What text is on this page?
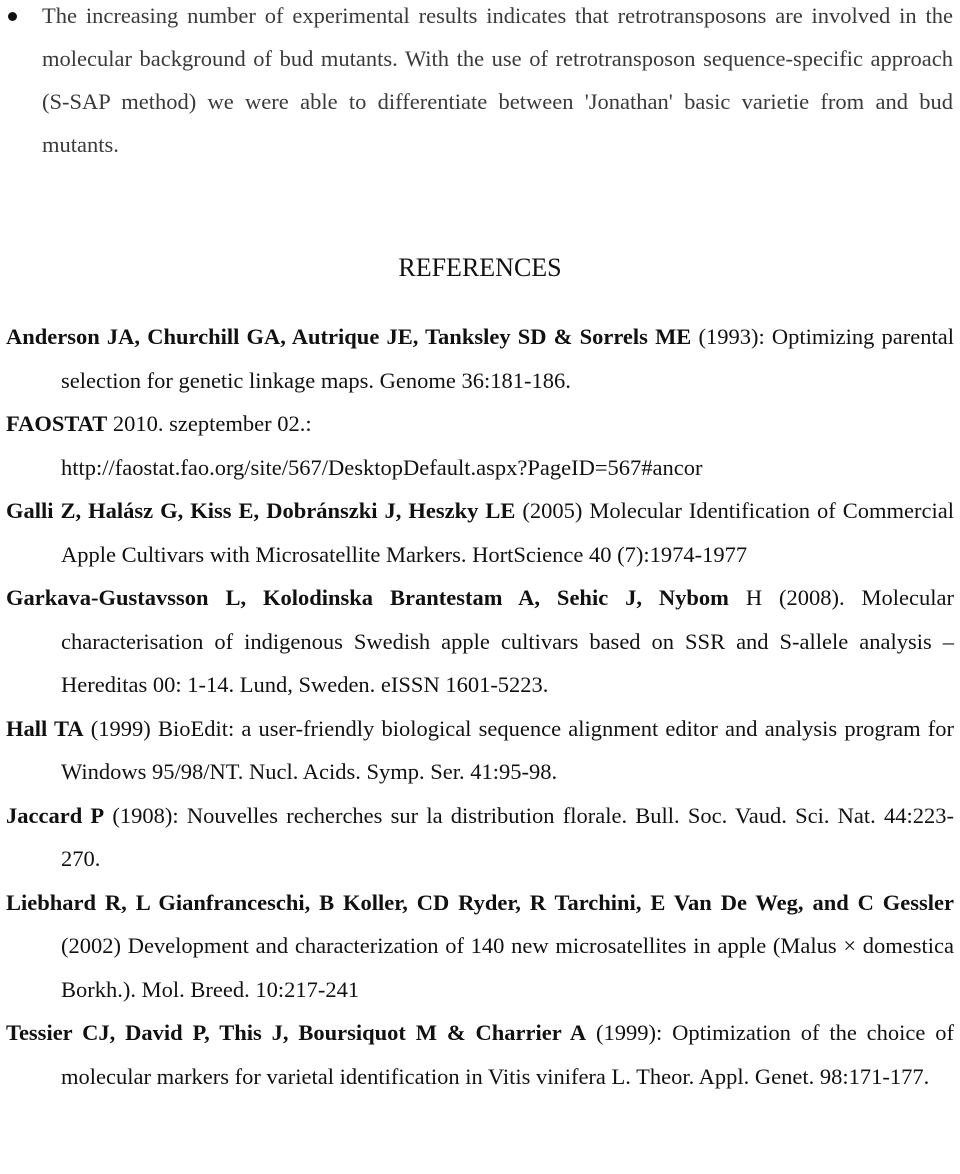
The increasing number of experimental results indicates that retrotransposons are involved in the molecular background of bud mutants. With the use of retrotransposon sequence-specific approach (S-SAP method) we were able to differentiate between 'Jonathan' basic varietie from and bud mutants.
REFERENCES

Anderson JA, Churchill GA, Autrique JE, Tanksley SD & Sorrels ME (1993): Optimizing parental selection for genetic linkage maps. Genome 36:181-186.

FAOSTAT 2010. szeptember 02.:
http://faostat.fao.org/site/567/DesktopDefault.aspx?PageID=567#ancor

Galli Z, Halász G, Kiss E, Dobránszki J, Heszky LE (2005) Molecular Identification of Commercial Apple Cultivars with Microsatellite Markers. HortScience 40 (7):1974-1977

Garkava-Gustavsson L, Kolodinska Brantestam A, Sehic J, Nybom H (2008). Molecular characterisation of indigenous Swedish apple cultivars based on SSR and S-allele analysis – Hereditas 00: 1-14. Lund, Sweden. eISSN 1601-5223.

Hall TA (1999) BioEdit: a user-friendly biological sequence alignment editor and analysis program for Windows 95/98/NT. Nucl. Acids. Symp. Ser. 41:95-98.

Jaccard P (1908): Nouvelles recherches sur la distribution florale. Bull. Soc. Vaud. Sci. Nat. 44:223-270.

Liebhard R, L Gianfranceschi, B Koller, CD Ryder, R Tarchini, E Van De Weg, and C Gessler (2002) Development and characterization of 140 new microsatellites in apple (Malus × domestica Borkh.). Mol. Breed. 10:217-241

Tessier CJ, David P, This J, Boursiquot M & Charrier A (1999): Optimization of the choice of molecular markers for varietal identification in Vitis vinifera L. Theor. Appl. Genet. 98:171-177.
